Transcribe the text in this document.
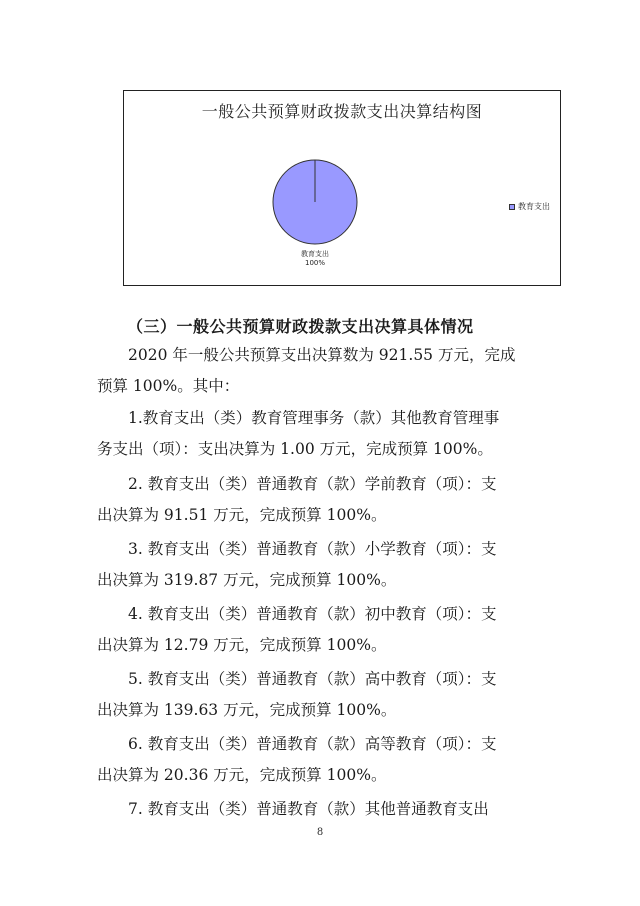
一般公共预算财政拨款支出决算结构图
教育支出
100%
教育支出
（三）一般公共预算财政拨款支出决算具体情况

2020 年一般公共预算支出决算数为 921.55 万元，完成
预算 100%。其中：

1.教育支出（类）教育管理事务（款）其他教育管理事
务支出（项）：支出决算为 1.00 万元，完成预算 100%。

2. 教育支出（类）普通教育（款）学前教育（项）：支
出决算为 91.51 万元，完成预算 100%。

3. 教育支出（类）普通教育（款）小学教育（项）：支
出决算为 319.87 万元，完成预算 100%。

4. 教育支出（类）普通教育（款）初中教育（项）：支
出决算为 12.79 万元，完成预算 100%。

5. 教育支出（类）普通教育（款）高中教育（项）：支
出决算为 139.63 万元，完成预算 100%。

6. 教育支出（类）普通教育（款）高等教育（项）：支
出决算为 20.36 万元，完成预算 100%。

7. 教育支出（类）普通教育（款）其他普通教育支出

8
